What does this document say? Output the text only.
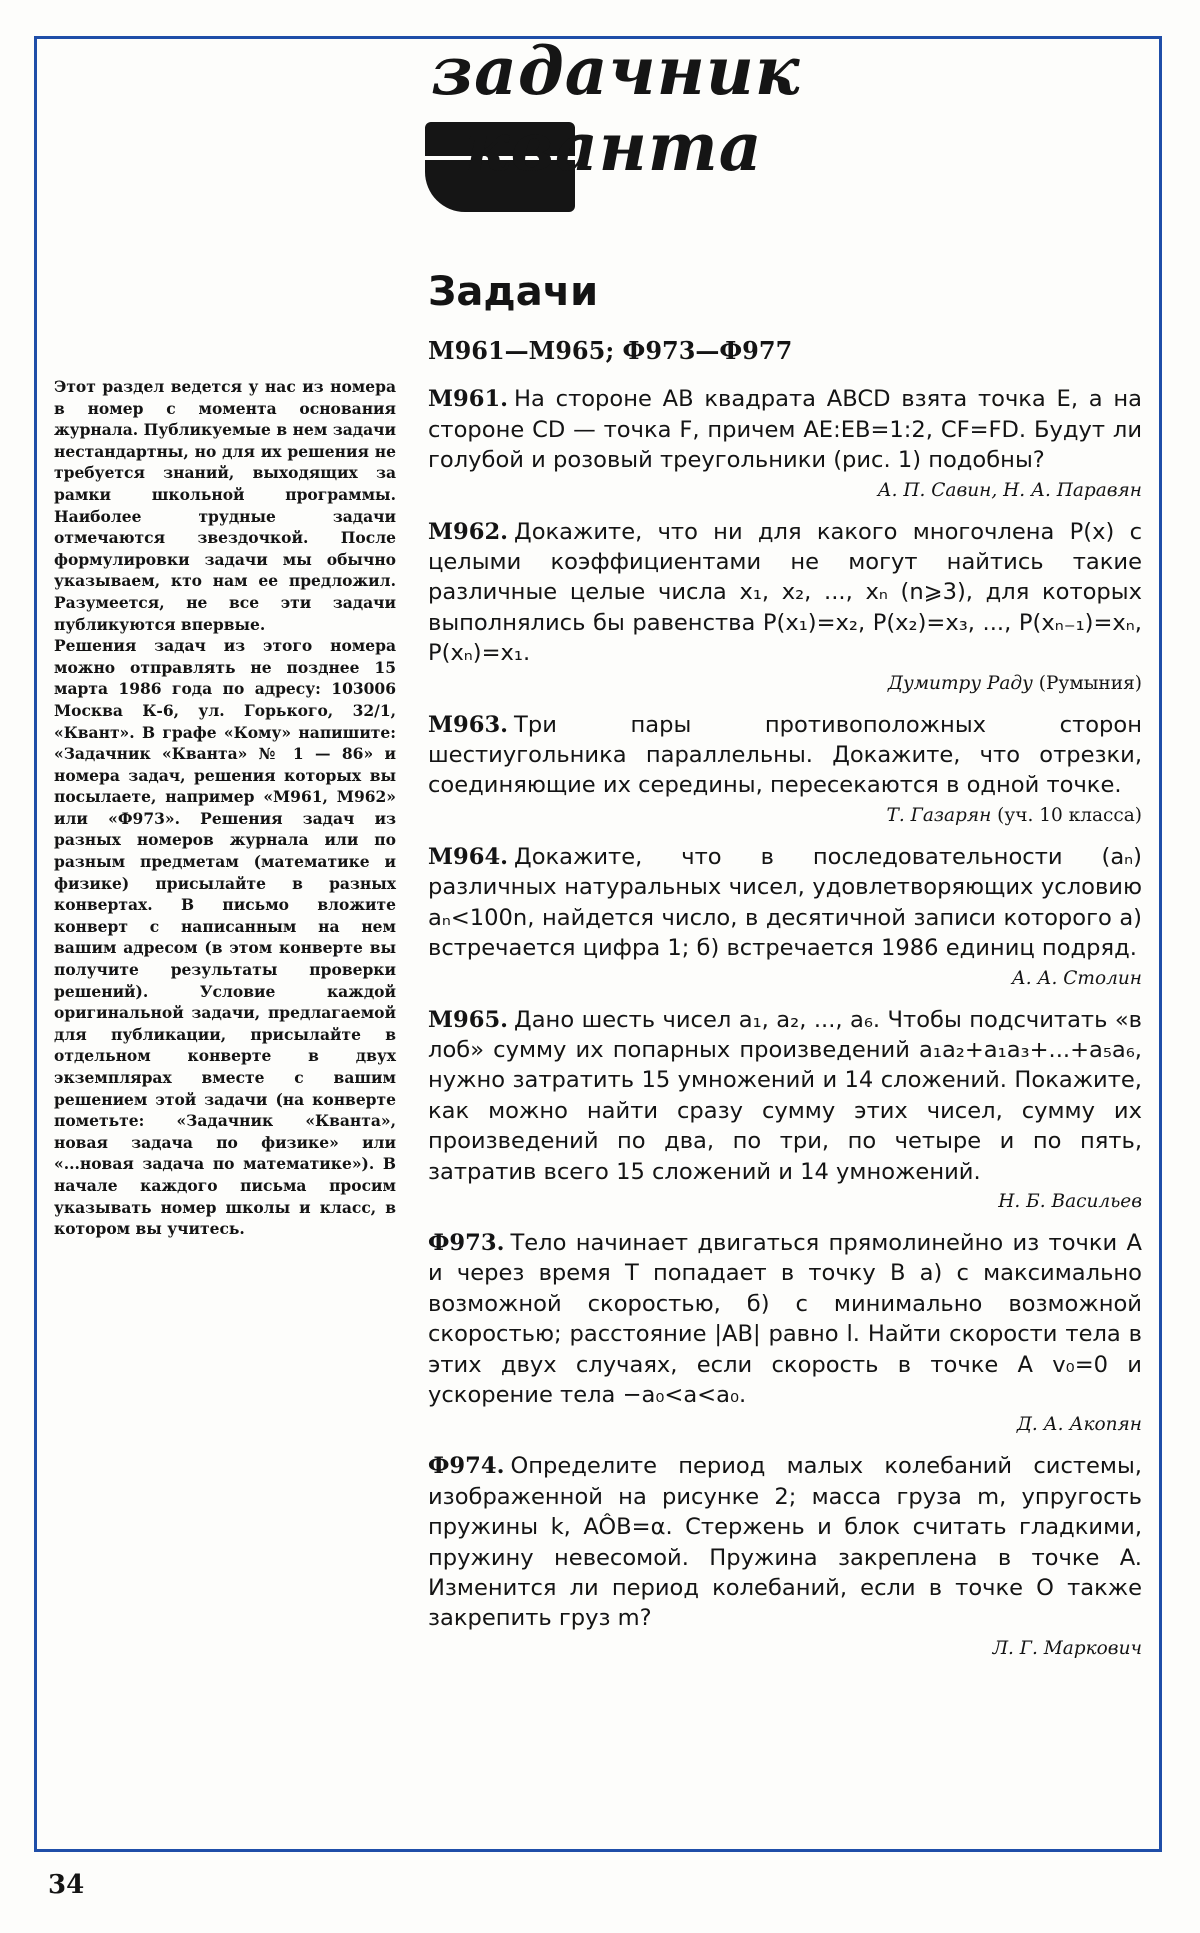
задачник
кванта

Этот раздел ведется у нас из номера в номер с момента основания журнала. Публикуемые в нем задачи нестандартны, но для их решения не требуется знаний, выходящих за рамки школьной программы. Наиболее трудные задачи отмечаются звездочкой. После формулировки задачи мы обычно указываем, кто нам ее предложил. Разумеется, не все эти задачи публикуются впервые.

Решения задач из этого номера можно отправлять не позднее 15 марта 1986 года по адресу: 103006 Москва К-6, ул. Горького, 32/1, «Квант». В графе «Кому» напишите: «Задачник «Кванта» № 1 — 86» и номера задач, решения которых вы посылаете, например «М961, М962» или «Ф973». Решения задач из разных номеров журнала или по разным предметам (математике и физике) присылайте в разных конвертах. В письмо вложите конверт с написанным на нем вашим адресом (в этом конверте вы получите результаты проверки решений). Условие каждой оригинальной задачи, предлагаемой для публикации, присылайте в отдельном конверте в двух экземплярах вместе с вашим решением этой задачи (на конверте пометьте: «Задачник «Кванта», новая задача по физике» или «...новая задача по математике»). В начале каждого письма просим указывать номер школы и класс, в котором вы учитесь.

Задачи
М961—М965; Ф973—Ф977

М961. На стороне AB квадрата ABCD взята точка E, а на стороне CD — точка F, причем AE:EB=1:2, CF=FD. Будут ли голубой и розовый треугольники (рис. 1) подобны?

А. П. Савин, Н. А. Паравян

М962. Докажите, что ни для какого многочлена P(x) с целыми коэффициентами не могут найтись такие различные целые числа x₁, x₂, ..., xₙ (n⩾3), для которых выполнялись бы равенства P(x₁)=x₂, P(x₂)=x₃, ..., P(xₙ₋₁)=xₙ, P(xₙ)=x₁.

Думитру Раду (Румыния)

М963. Три пары противоположных сторон шестиугольника параллельны. Докажите, что отрезки, соединяющие их середины, пересекаются в одной точке.

Т. Газарян (уч. 10 класса)

М964. Докажите, что в последовательности (aₙ) различных натуральных чисел, удовлетворяющих условию aₙ<100n, найдется число, в десятичной записи которого а) встречается цифра 1; б) встречается 1986 единиц подряд.

А. А. Столин

М965. Дано шесть чисел a₁, a₂, ..., a₆. Чтобы подсчитать «в лоб» сумму их попарных произведений a₁a₂+a₁a₃+...+a₅a₆, нужно затратить 15 умножений и 14 сложений. Покажите, как можно найти сразу сумму этих чисел, сумму их произведений по два, по три, по четыре и по пять, затратив всего 15 сложений и 14 умножений.

Н. Б. Васильев

Ф973. Тело начинает двигаться прямолинейно из точки A и через время T попадает в точку B а) с максимально возможной скоростью, б) с минимально возможной скоростью; расстояние |AB| равно l. Найти скорости тела в этих двух случаях, если скорость в точке A v₀=0 и ускорение тела −a₀<a<a₀.

Д. А. Акопян

Ф974. Определите период малых колебаний системы, изображенной на рисунке 2; масса груза m, упругость пружины k, AÔB=α. Стержень и блок считать гладкими, пружину невесомой. Пружина закреплена в точке A. Изменится ли период колебаний, если в точке O также закрепить груз m?

Л. Г. Маркович
34
